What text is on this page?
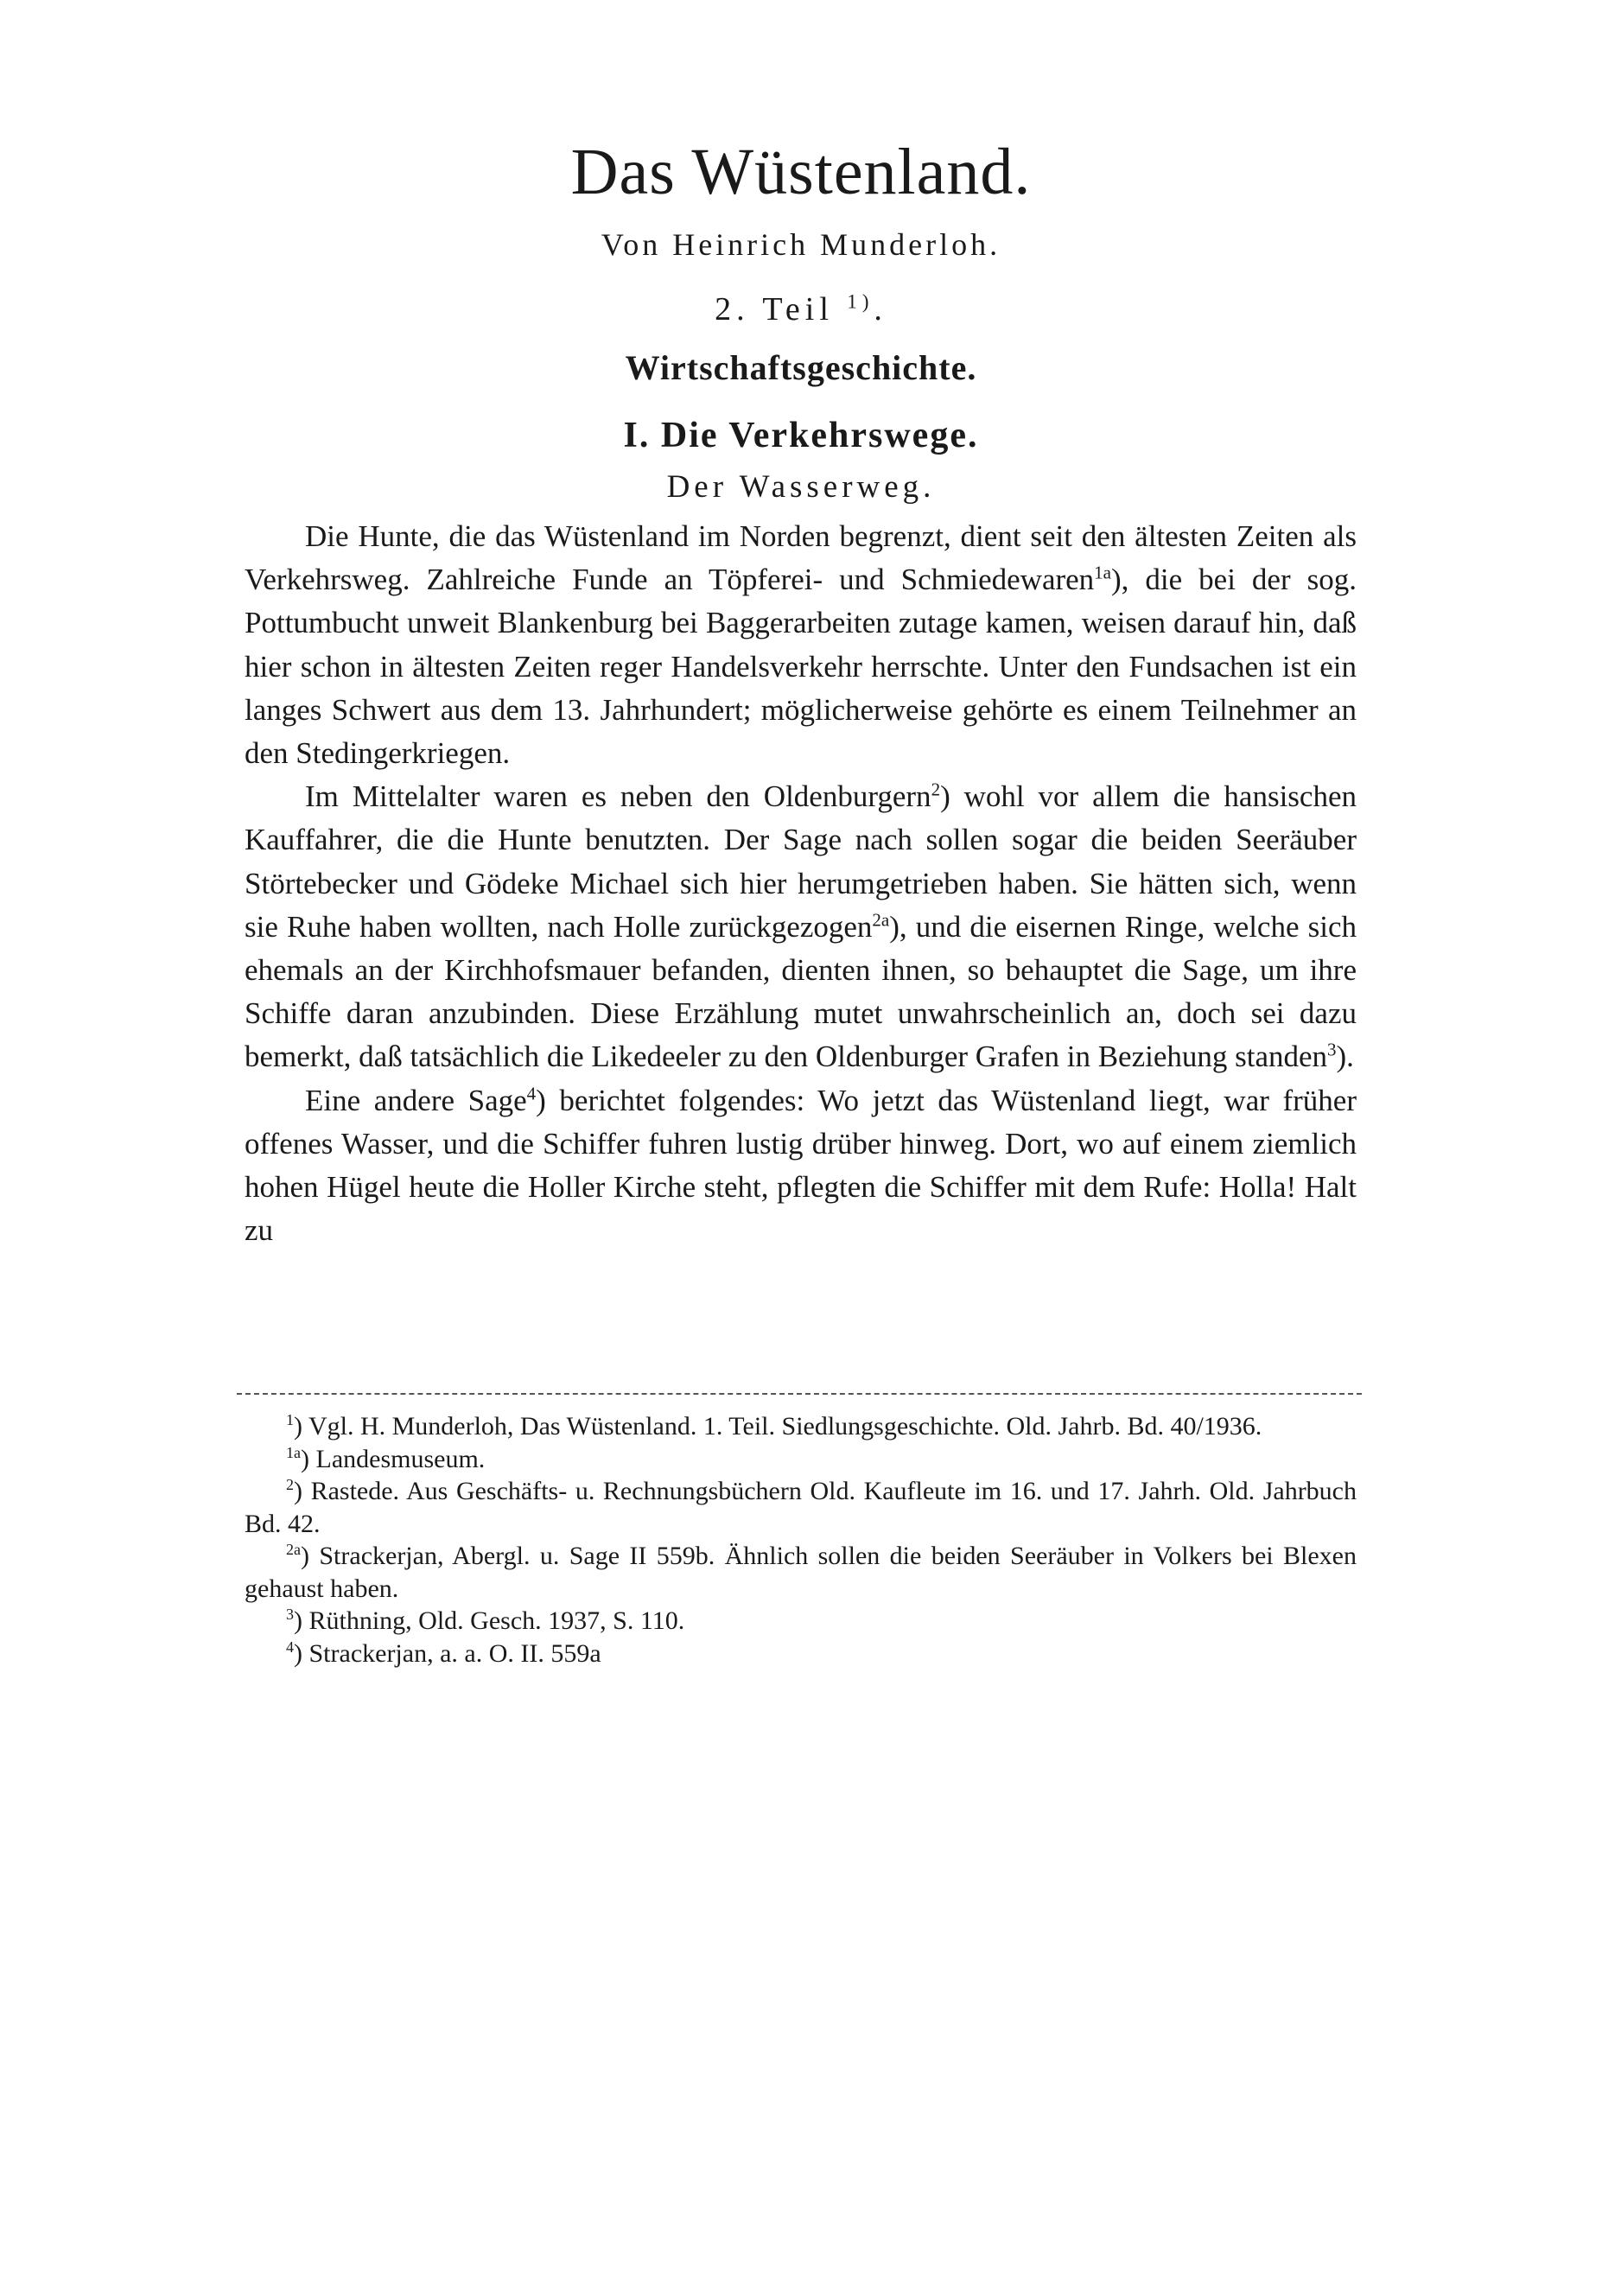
Das Wüstenland.
Von Heinrich Munderloh.
2. Teil $^{1)}$.
Wirtschaftsgeschichte.
I. Die Verkehrswege.
Der Wasserweg.

Die Hunte, die das Wüstenland im Norden begrenzt, dient seit den ältesten Zeiten als Verkehrsweg. Zahlreiche Funde an Töpferei- und Schmiedewaren$^{1a}$), die bei der sog. Pottumbucht unweit Blankenburg bei Baggerarbeiten zutage kamen, weisen darauf hin, daß hier schon in ältesten Zeiten reger Handelsverkehr herrschte. Unter den Fundsachen ist ein langes Schwert aus dem 13. Jahrhundert; möglicherweise gehörte es einem Teilnehmer an den Stedingerkriegen.

Im Mittelalter waren es neben den Oldenburgern$^2$) wohl vor allem die hansischen Kauffahrer, die die Hunte benutzten. Der Sage nach sollen sogar die beiden Seeräuber Störtebecker und Gödeke Michael sich hier herumgetrieben haben. Sie hätten sich, wenn sie Ruhe haben wollten, nach Holle zurückgezogen$^{2a}$), und die eisernen Ringe, welche sich ehemals an der Kirchhofsmauer befanden, dienten ihnen, so behauptet die Sage, um ihre Schiffe daran anzubinden. Diese Erzählung mutet unwahrscheinlich an, doch sei dazu bemerkt, daß tatsächlich die Likedeeler zu den Oldenburger Grafen in Beziehung standen$^3$).

Eine andere Sage$^4$) berichtet folgendes: Wo jetzt das Wüstenland liegt, war früher offenes Wasser, und die Schiffer fuhren lustig drüber hinweg. Dort, wo auf einem ziemlich hohen Hügel heute die Holler Kirche steht, pflegten die Schiffer mit dem Rufe: Holla! Halt zu

$^1$) Vgl. H. Munderloh, Das Wüstenland. 1. Teil. Siedlungsgeschichte. Old. Jahrb. Bd. 40/1936.

$^{1a}$) Landesmuseum.

$^2$) Rastede. Aus Geschäfts- u. Rechnungsbüchern Old. Kaufleute im 16. und 17. Jahrh. Old. Jahrbuch Bd. 42.

$^{2a}$) Strackerjan, Abergl. u. Sage II 559b. Ähnlich sollen die beiden Seeräuber in Volkers bei Blexen gehaust haben.

$^3$) Rüthning, Old. Gesch. 1937, S. 110.

$^4$) Strackerjan, a. a. O. II. 559a
